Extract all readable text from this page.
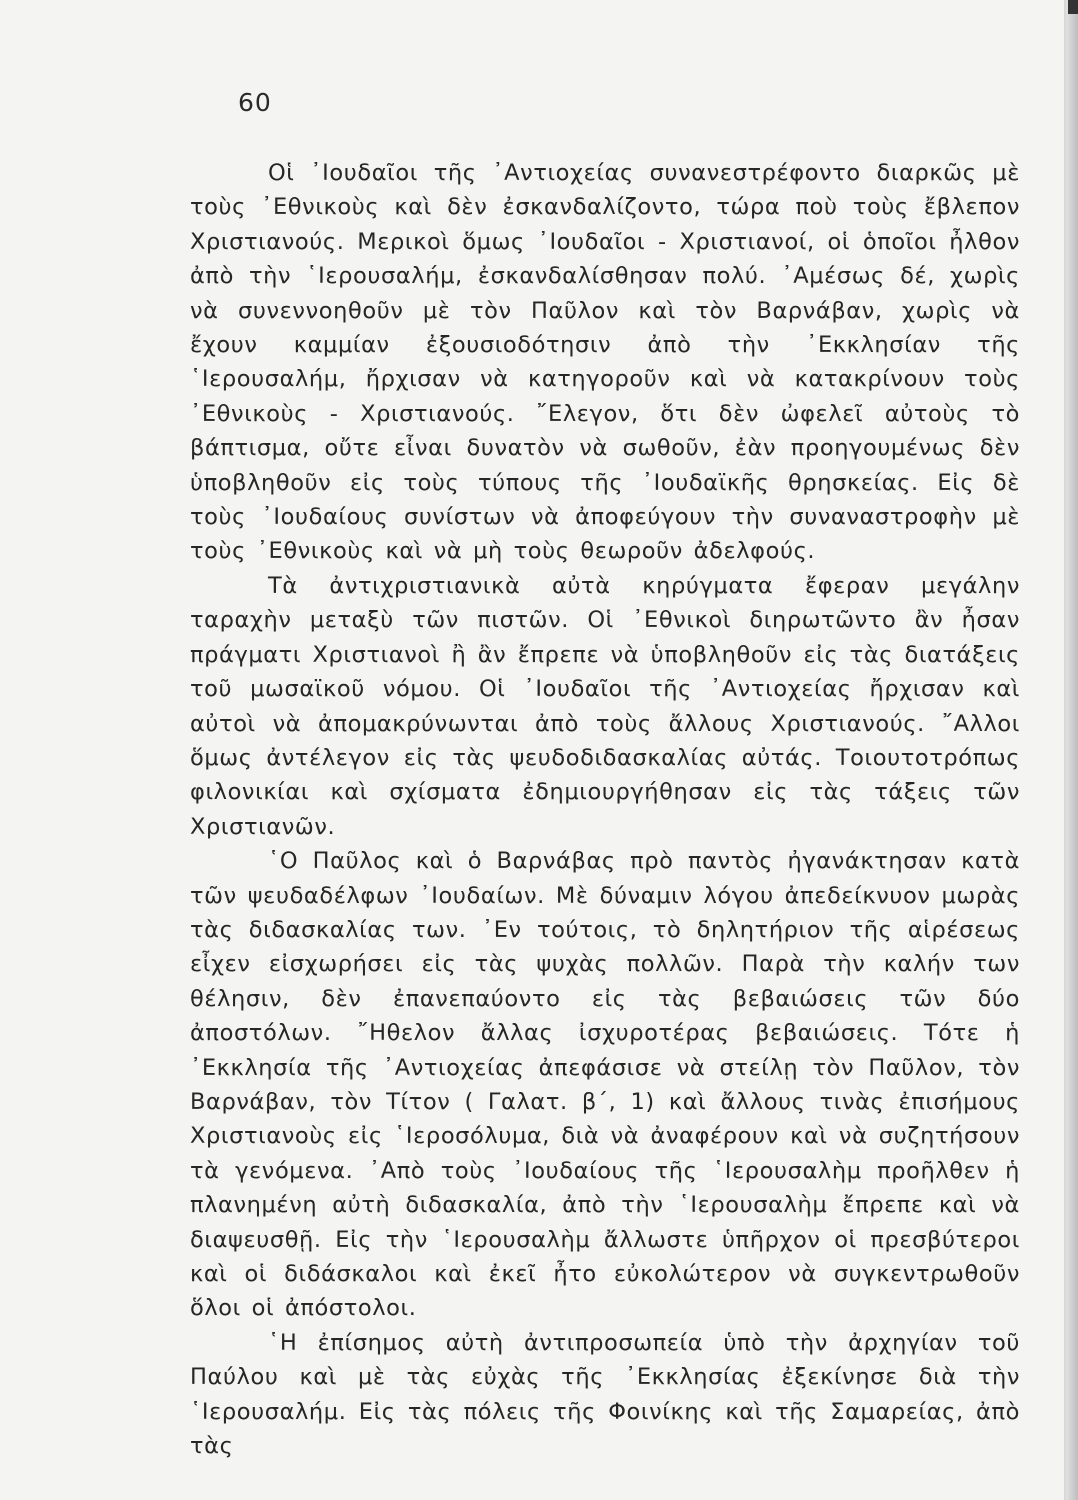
60

Οἱ ᾿Ιουδαῖοι τῆς ᾿Αντιοχείας συνανεστρέφοντο διαρκῶς μὲ τοὺς ᾿Εθνικοὺς καὶ δὲν ἐσκανδαλίζοντο, τώρα ποὺ τοὺς ἔβλεπον Χριστιανούς. Μερικοὶ ὅμως ᾿Ιουδαῖοι - Χριστιανοί, οἱ ὁποῖοι ἦλθον ἀπὸ τὴν ῾Ιερουσαλήμ, ἐσκανδαλίσθησαν πολύ. ᾿Αμέσως δέ, χωρὶς νὰ συνεννοηθοῦν μὲ τὸν Παῦλον καὶ τὸν Βαρνάβαν, χωρὶς νὰ ἔχουν καμμίαν ἐξουσιοδότησιν ἀπὸ τὴν ᾿Εκκλησίαν τῆς ῾Ιερουσαλήμ, ἤρχισαν νὰ κατηγοροῦν καὶ νὰ κατακρίνουν τοὺς ᾿Εθνικοὺς - Χριστιανούς. ῎Ελεγον, ὅτι δὲν ὠφελεῖ αὐτοὺς τὸ βάπτισμα, οὔτε εἶναι δυνατὸν νὰ σωθοῦν, ἐὰν προηγουμένως δὲν ὑποβληθοῦν εἰς τοὺς τύπους τῆς ᾿Ιουδαϊκῆς θρησκείας. Εἰς δὲ τοὺς ᾿Ιουδαίους συνίστων νὰ ἀποφεύγουν τὴν συναναστροφὴν μὲ τοὺς ᾿Εθνικοὺς καὶ νὰ μὴ τοὺς θεωροῦν ἀδελφούς.

Τὰ ἀντιχριστιανικὰ αὐτὰ κηρύγματα ἔφεραν μεγάλην ταραχὴν μεταξὺ τῶν πιστῶν. Οἱ ᾿Εθνικοὶ διηρωτῶντο ἂν ἦσαν πράγματι Χριστιανοὶ ἢ ἂν ἔπρεπε νὰ ὑποβληθοῦν εἰς τὰς διατάξεις τοῦ μωσαϊκοῦ νόμου. Οἱ ᾿Ιουδαῖοι τῆς ᾿Αντιοχείας ἤρχισαν καὶ αὐτοὶ νὰ ἀπομακρύνωνται ἀπὸ τοὺς ἄλλους Χριστιανούς. ῎Αλλοι ὅμως ἀντέλεγον εἰς τὰς ψευδοδιδασκαλίας αὐτάς. Τοιουτοτρόπως φιλονικίαι καὶ σχίσματα ἐδημιουργήθησαν εἰς τὰς τάξεις τῶν Χριστιανῶν.

῾Ο Παῦλος καὶ ὁ Βαρνάβας πρὸ παντὸς ἠγανάκτησαν κατὰ τῶν ψευδαδέλφων ᾿Ιουδαίων. Μὲ δύναμιν λόγου ἀπεδείκνυον μωρὰς τὰς διδασκαλίας των. ᾿Εν τούτοις, τὸ δηλητήριον τῆς αἱρέσεως εἶχεν εἰσχωρήσει εἰς τὰς ψυχὰς πολλῶν. Παρὰ τὴν καλήν των θέλησιν, δὲν ἐπανεπαύοντο εἰς τὰς βεβαιώσεις τῶν δύο ἀποστόλων. ῎Ηθελον ἄλλας ἰσχυροτέρας βεβαιώσεις. Τότε ἡ ᾿Εκκλησία τῆς ᾿Αντιοχείας ἀπεφάσισε νὰ στείλῃ τὸν Παῦλον, τὸν Βαρνάβαν, τὸν Τίτον ( Γαλατ. β΄, 1) καὶ ἄλλους τινὰς ἐπισήμους Χριστιανοὺς εἰς ῾Ιεροσόλυμα, διὰ νὰ ἀναφέρουν καὶ νὰ συζητήσουν τὰ γενόμενα. ᾿Απὸ τοὺς ᾿Ιουδαίους τῆς ῾Ιερουσαλὴμ προῆλθεν ἡ πλανημένη αὐτὴ διδασκαλία, ἀπὸ τὴν ῾Ιερουσαλὴμ ἔπρεπε καὶ νὰ διαψευσθῇ. Εἰς τὴν ῾Ιερουσαλὴμ ἄλλωστε ὑπῆρχον οἱ πρεσβύτεροι καὶ οἱ διδάσκαλοι καὶ ἐκεῖ ἦτο εὐκολώτερον νὰ συγκεντρωθοῦν ὅλοι οἱ ἀπόστολοι.

῾Η ἐπίσημος αὐτὴ ἀντιπροσωπεία ὑπὸ τὴν ἀρχηγίαν τοῦ Παύλου καὶ μὲ τὰς εὐχὰς τῆς ᾿Εκκλησίας ἐξεκίνησε διὰ τὴν ῾Ιερουσαλήμ. Εἰς τὰς πόλεις τῆς Φοινίκης καὶ τῆς Σαμαρείας, ἀπὸ τὰς
